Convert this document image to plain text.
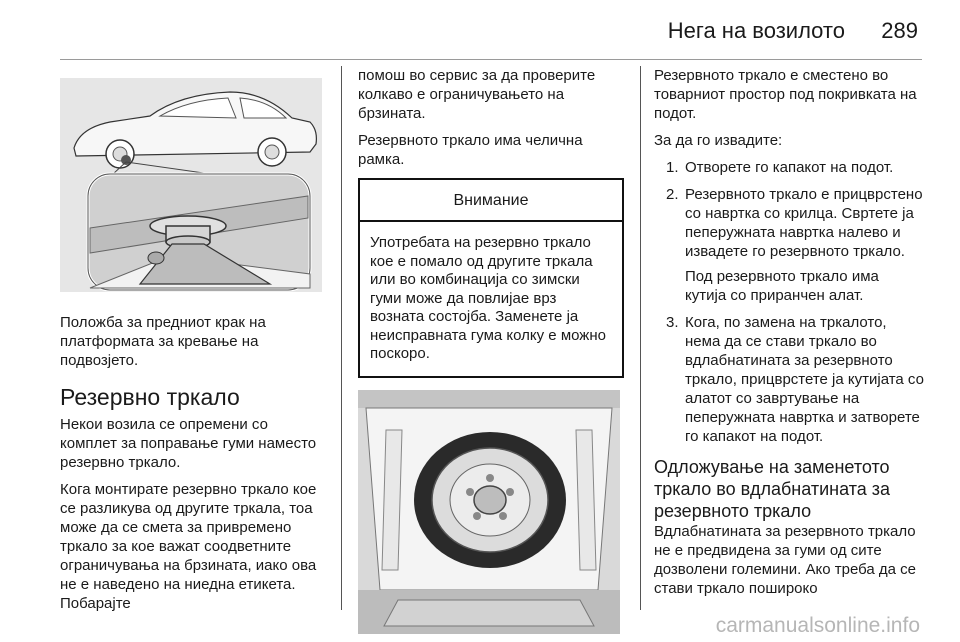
Нега на возилото 289

Положба за предниот крак на платформата за кревање на подвозјето.

Резервно тркало

Некои возила се опремени со комплет за поправање гуми наместо резервно тркало.

Кога монтирате резервно тркало кое се разликува од другите тркала, тоа може да се смета за привремено тркало за кое важат соодветните ограничувања на брзината, иако ова не е наведено на ниедна етикета. Побарајте

помош во сервис за да проверите колкаво е ограничувањето на брзината.

Резервното тркало има челична рамка.

Внимание
Употребата на резервно тркало кое е помало од другите тркала или во комбинација со зимски гуми може да повлијае врз возната состојба. Заменете ја неисправната гума колку е можно поскоро.

Резервното тркало е сместено во товарниот простор под покривката на подот.

За да го извадите:

1. Отворете го капакот на подот.

2. Резервното тркало е прицврстено со навртка со крилца. Свртете ја пеперужната навртка налево и извадете го резервното тркало.

Под резервното тркало има кутија со приранчен алат.

3. Кога, по замена на тркалото, нема да се стави тркало во вдлабнатината за резервното тркало, прицврстете ја кутијата со алатот со завртување на пеперужната навртка и затворете го капакот на подот.

Одложување на заменетото тркало во вдлабнатината за резервното тркало

Вдлабнатината за резервното тркало не е предвидена за гуми од сите дозволени големини. Ако треба да се стави тркало пошироко

carmanualsonline.info
